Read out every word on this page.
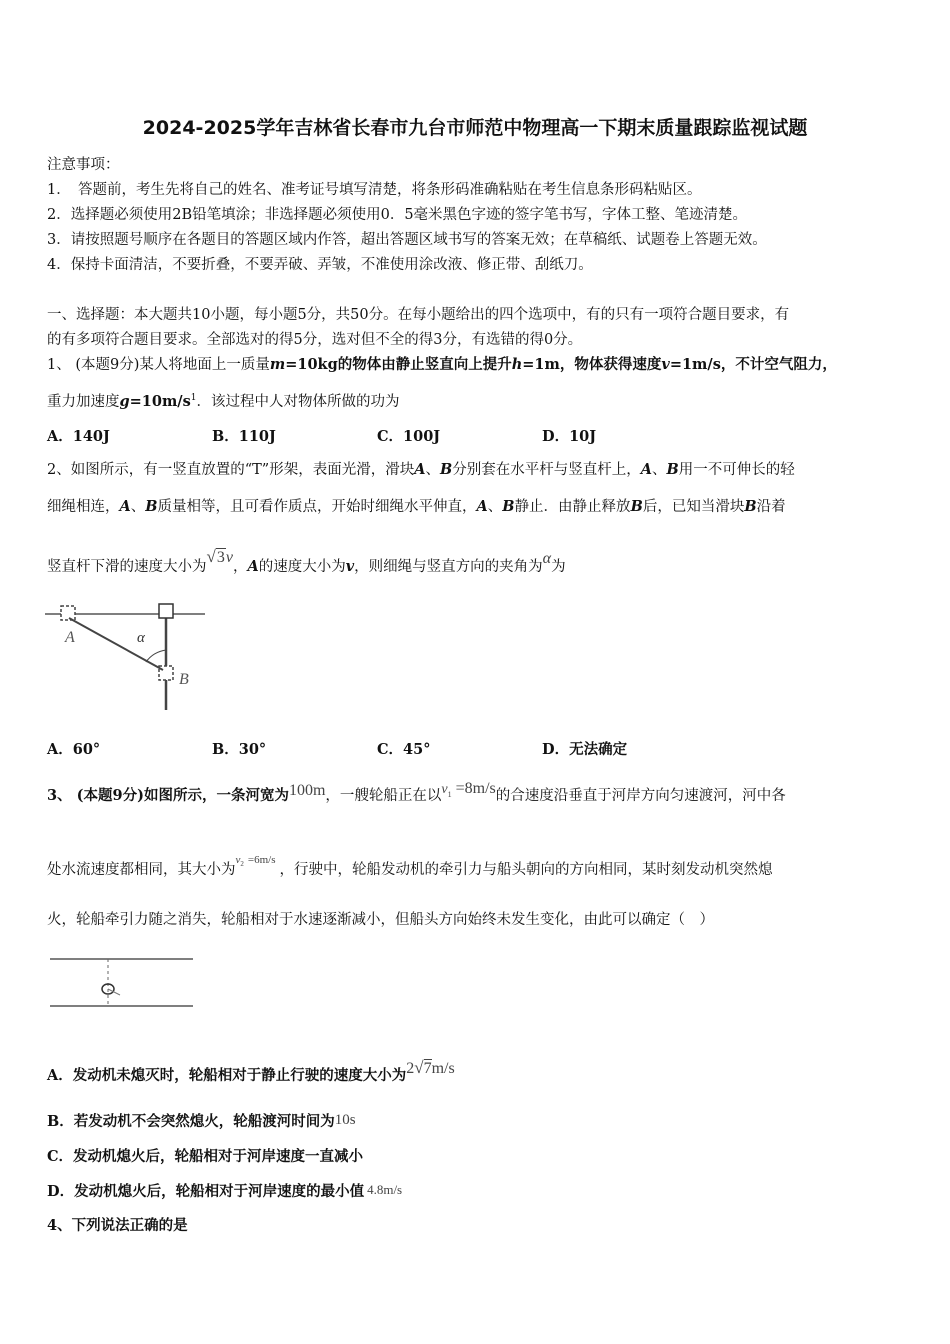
2024-2025学年吉林省长春市九台市师范中物理高一下期末质量跟踪监视试题
注意事项：
1．　答题前，考生先将自己的姓名、准考证号填写清楚，将条形码准确粘贴在考生信息条形码粘贴区。
2．选择题必须使用2B铅笔填涂；非选择题必须使用0．5毫米黑色字迹的签字笔书写，字体工整、笔迹清楚。
3．请按照题号顺序在各题目的答题区域内作答，超出答题区域书写的答案无效；在草稿纸、试题卷上答题无效。
4．保持卡面清洁，不要折叠，不要弄破、弄皱，不准使用涂改液、修正带、刮纸刀。
一、选择题：本大题共10小题，每小题5分，共50分。在每小题给出的四个选项中，有的只有一项符合题目要求，有
的有多项符合题目要求。全部选对的得5分，选对但不全的得3分，有选错的得0分。
1、 (本题9分)某人将地面上一质量m=10kg的物体由静止竖直向上提升h=1m，物体获得速度v=1m/s，不计空气阻力，
重力加速度$g=10m/s^1$．该过程中人对物体所做的功为
A．140J	B．110J	C．100J	D．10J
2、如图所示，有一竖直放置的“T”形架，表面光滑，滑块A、B分别套在水平杆与竖直杆上，A、B用一不可伸长的轻
细绳相连，A、B质量相等，且可看作质点，开始时细绳水平伸直，A、B静止．由静止释放B后，已知当滑块B沿着
竖直杆下滑的速度大小为√3v，A的速度大小为v，则细绳与竖直方向的夹角为α为
A	α
B
A．60°	B．30°	C．45°	D．无法确定
3、 (本题9分)如图所示，一条河宽为100m，一艘轮船正在以$v_1 =8m/s$的合速度沿垂直于河岸方向匀速渡河，河中各
处水流速度都相同，其大小为$^{v_2 =6m/s}$，行驶中，轮船发动机的牵引力与船头朝向的方向相同，某时刻发动机突然熄
火，轮船牵引力随之消失，轮船相对于水速逐渐减小，但船头方向始终未发生变化，由此可以确定（　）
A．发动机未熄灭时，轮船相对于静止行驶的速度大小为2√7m/s
B．若发动机不会突然熄火，轮船渡河时间为10s
C．发动机熄火后，轮船相对于河岸速度一直减小
D．发动机熄火后，轮船相对于河岸速度的最小值 4.8m/s
4、下列说法正确的是
